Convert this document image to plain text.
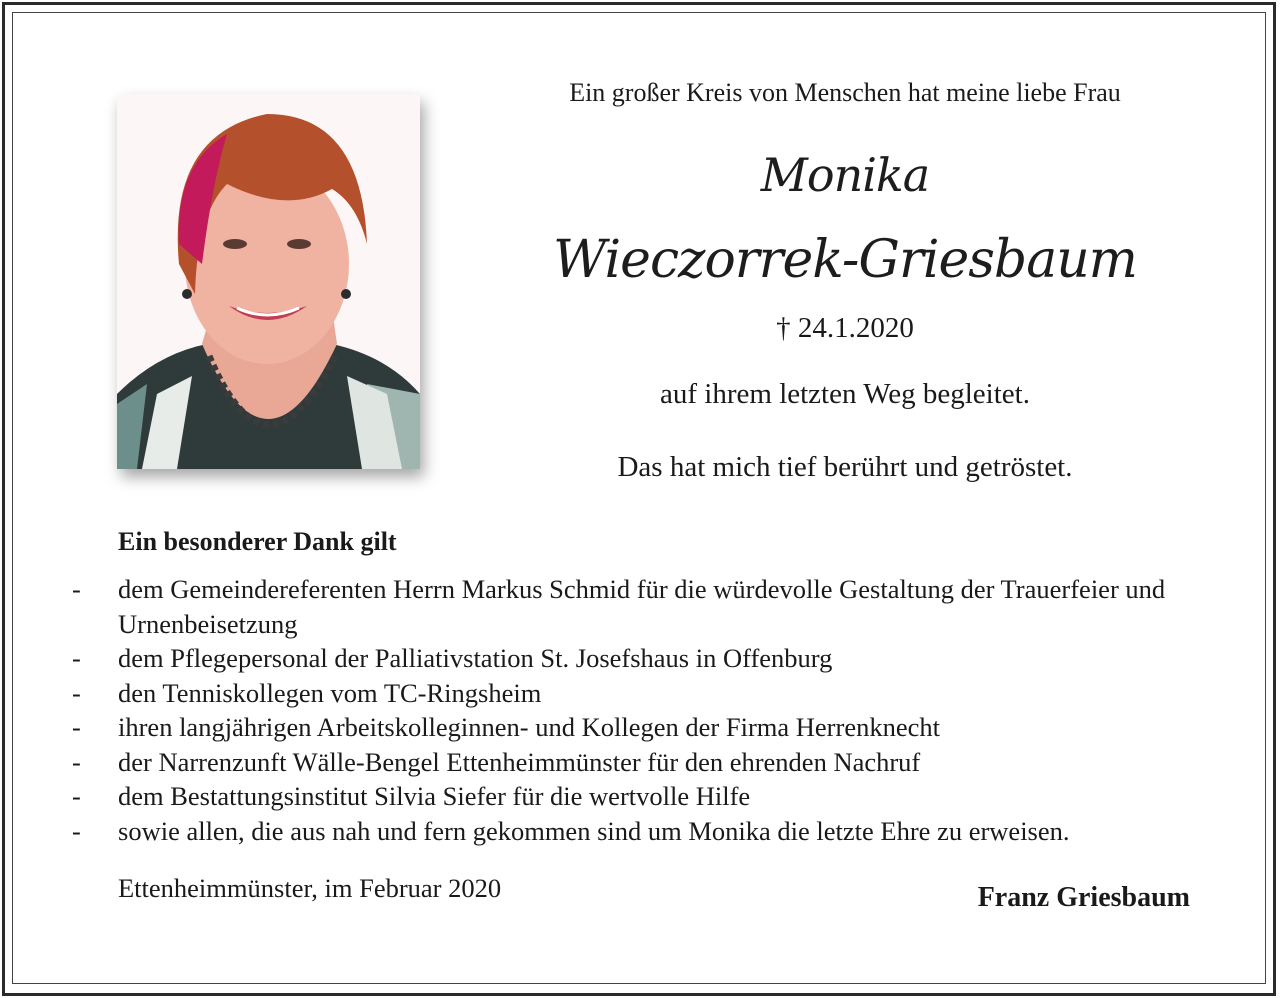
Ein großer Kreis von Menschen hat meine liebe Frau
Monika
Wieczorrek-Griesbaum
† 24.1.2020
auf ihrem letzten Weg begleitet.
Das hat mich tief berührt und getröstet.
Ein besonderer Dank gilt
- dem Gemeindereferenten Herrn Markus Schmid für die würdevolle Gestaltung der Trauerfeier und Urnenbeisetzung
- dem Pflegepersonal der Palliativstation St. Josefshaus in Offenburg
- den Tenniskollegen vom TC-Ringsheim
- ihren langjährigen Arbeitskolleginnen- und Kollegen der Firma Herrenknecht
- der Narrenzunft Wälle-Bengel Ettenheimmünster für den ehrenden Nachruf
- dem Bestattungsinstitut Silvia Siefer für die wertvolle Hilfe
- sowie allen, die aus nah und fern gekommen sind um Monika die letzte Ehre zu erweisen.
Ettenheimmünster, im Februar 2020	Franz Griesbaum
